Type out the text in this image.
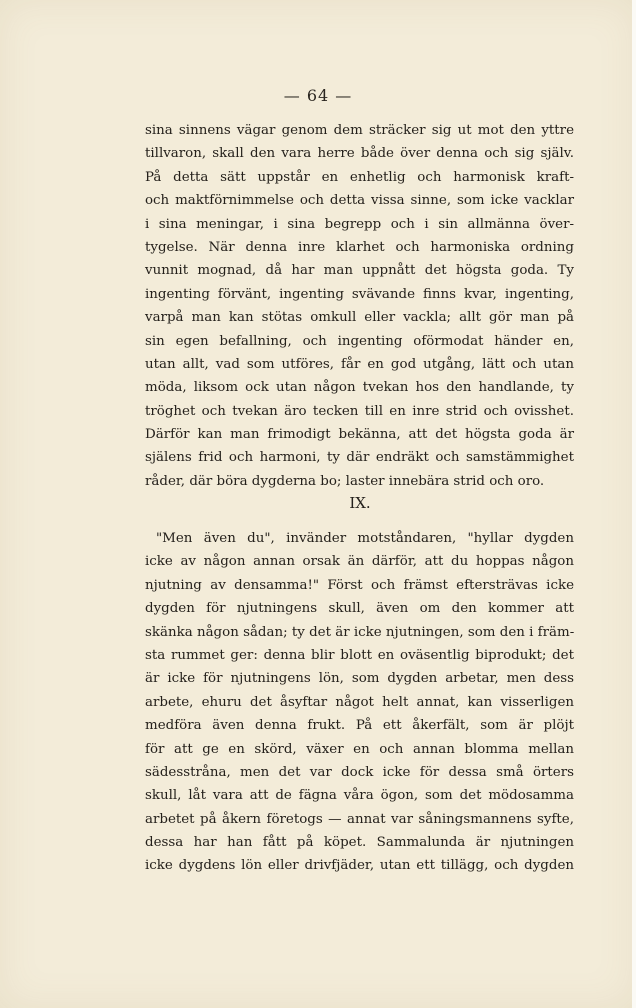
— 64 —
sina sinnens vägar genom dem sträcker sig ut mot den yttre
tillvaron, skall den vara herre både över denna och sig själv.
På detta sätt uppstår en enhetlig och harmonisk kraft-
och maktförnimmelse och detta vissa sinne, som icke vacklar
i sina meningar, i sina begrepp och i sin allmänna över-
tygelse. När denna inre klarhet och harmoniska ordning
vunnit mognad, då har man uppnått det högsta goda. Ty
ingenting förvänt, ingenting svävande finns kvar, ingenting,
varpå man kan stötas omkull eller vackla; allt gör man på
sin egen befallning, och ingenting oförmodat händer en,
utan allt, vad som utföres, får en god utgång, lätt och utan
möda, liksom ock utan någon tvekan hos den handlande, ty
tröghet och tvekan äro tecken till en inre strid och ovisshet.
Därför kan man frimodigt bekänna, att det högsta goda är
själens frid och harmoni, ty där endräkt och samstämmighet
råder, där böra dygderna bo; laster innebära strid och oro.
IX.
"Men även du", invänder motståndaren, "hyllar dygden
icke av någon annan orsak än därför, att du hoppas någon
njutning av densamma!" Först och främst eftersträvas icke
dygden för njutningens skull, även om den kommer att
skänka någon sådan; ty det är icke njutningen, som den i främ-
sta rummet ger: denna blir blott en oväsentlig biprodukt; det
är icke för njutningens lön, som dygden arbetar, men dess
arbete, ehuru det åsyftar något helt annat, kan visserligen
medföra även denna frukt. På ett åkerfält, som är plöjt
för att ge en skörd, växer en och annan blomma mellan
sädesstråna, men det var dock icke för dessa små örters
skull, låt vara att de fägna våra ögon, som det mödosamma
arbetet på åkern företogs — annat var såningsmannens syfte,
dessa har han fått på köpet. Sammalunda är njutningen
icke dygdens lön eller drivfjäder, utan ett tillägg, och dygden
